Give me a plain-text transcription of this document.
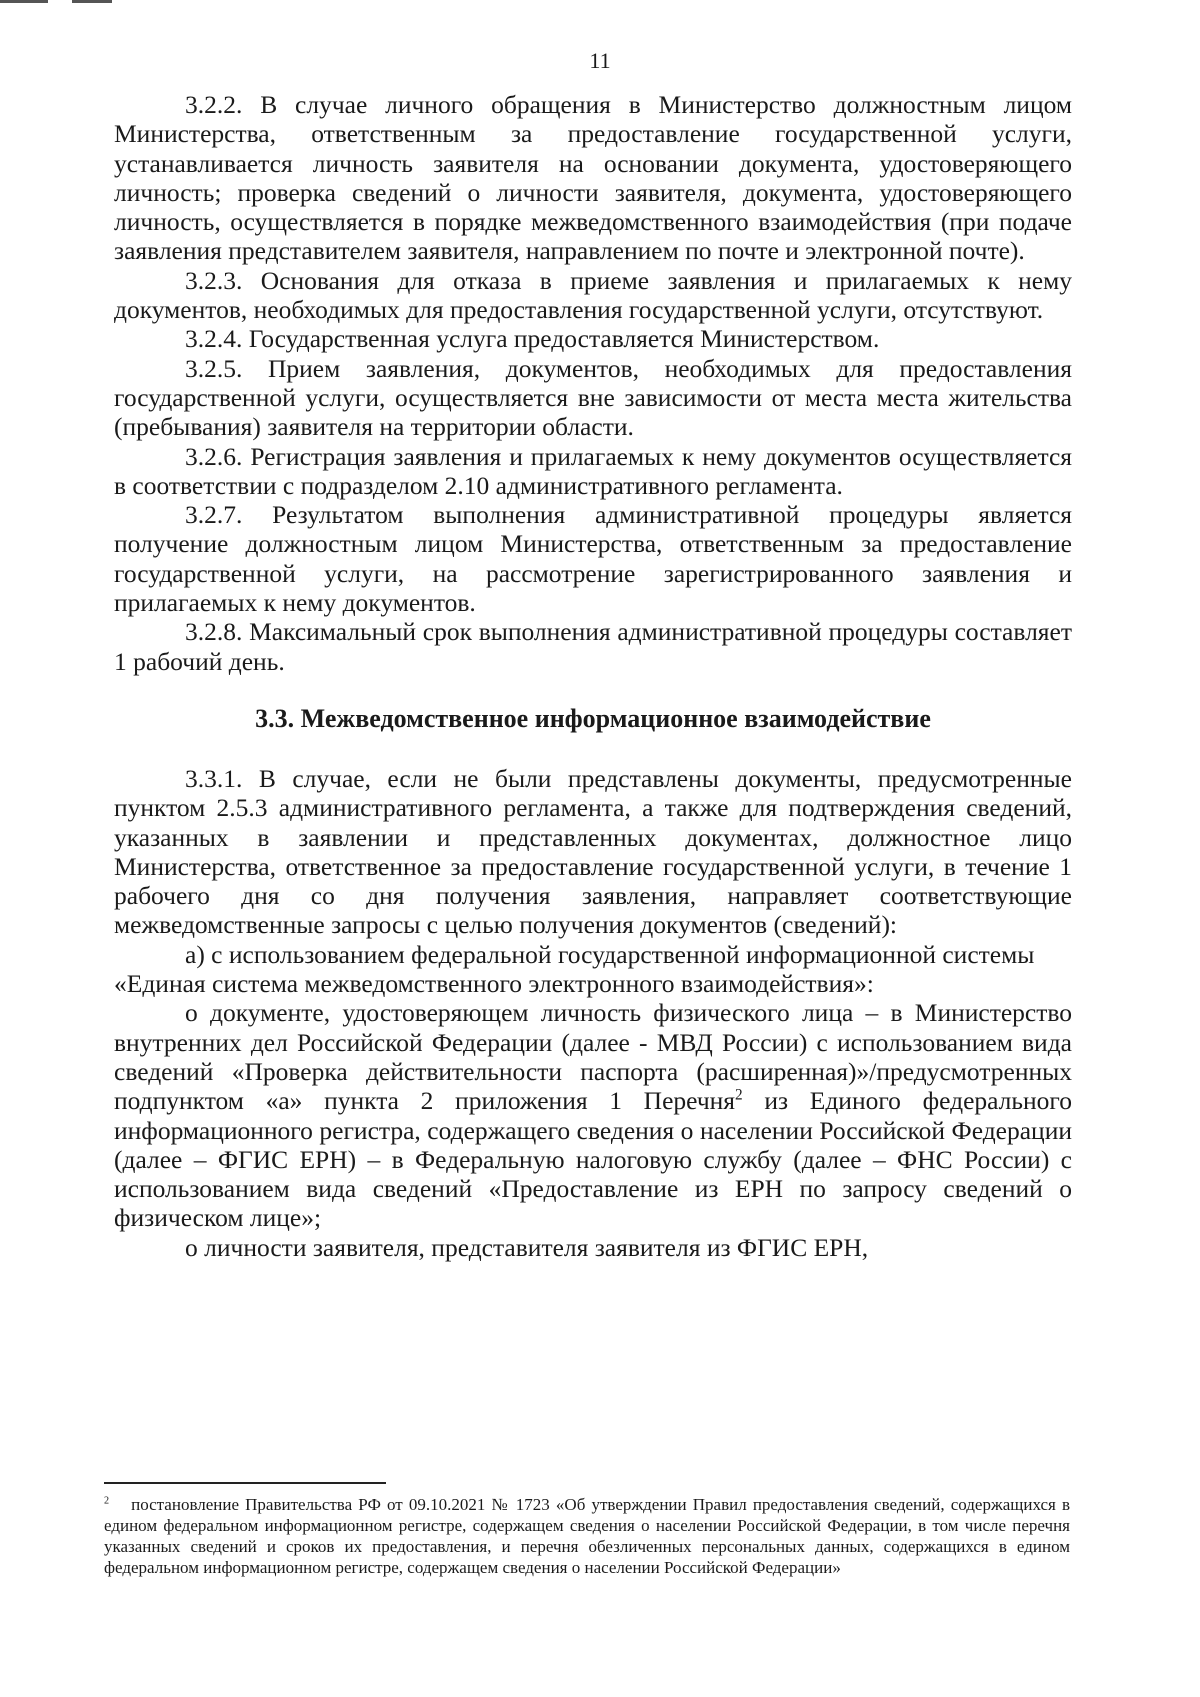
11

3.2.2. В случае личного обращения в Министерство должностным лицом Министерства, ответственным за предоставление государственной услуги, устанавливается личность заявителя на основании документа, удостоверяющего личность; проверка сведений о личности заявителя, документа, удостоверяющего личность, осуществляется в порядке межведомственного взаимодействия (при подаче заявления представителем заявителя, направлением по почте и электронной почте).

3.2.3. Основания для отказа в приеме заявления и прилагаемых к нему документов, необходимых для предоставления государственной услуги, отсутствуют.

3.2.4. Государственная услуга предоставляется Министерством.

3.2.5. Прием заявления, документов, необходимых для предоставления государственной услуги, осуществляется вне зависимости от места места жительства (пребывания) заявителя на территории области.

3.2.6. Регистрация заявления и прилагаемых к нему документов осуществляется в соответствии с подразделом 2.10 административного регламента.

3.2.7. Результатом выполнения административной процедуры является получение должностным лицом Министерства, ответственным за предоставление государственной услуги, на рассмотрение зарегистрированного заявления и прилагаемых к нему документов.

3.2.8. Максимальный срок выполнения административной процедуры составляет 1 рабочий день.

3.3. Межведомственное информационное взаимодействие

3.3.1. В случае, если не были представлены документы, предусмотренные пунктом 2.5.3 административного регламента, а также для подтверждения сведений, указанных в заявлении и представленных документах, должностное лицо Министерства, ответственное за предоставление государственной услуги, в течение 1 рабочего дня со дня получения заявления, направляет соответствующие межведомственные запросы с целью получения документов (сведений):

а) с использованием федеральной государственной информационной системы

«Единая система межведомственного электронного взаимодействия»:

о документе, удостоверяющем личность физического лица – в Министерство внутренних дел Российской Федерации (далее - МВД России) с использованием вида сведений «Проверка действительности паспорта (расширенная)»/предусмотренных подпунктом «а» пункта 2 приложения 1 Перечня$^2$ из Единого федерального информационного регистра, содержащего сведения о населении Российской Федерации (далее – ФГИС ЕРН) – в Федеральную налоговую службу (далее – ФНС России) с использованием вида сведений «Предоставление из ЕРН по запросу сведений о физическом лице»;

о личности заявителя, представителя заявителя из ФГИС ЕРН,

$^2$ постановление Правительства РФ от 09.10.2021 № 1723 «Об утверждении Правил предоставления сведений, содержащихся в едином федеральном информационном регистре, содержащем сведения о населении Российской Федерации, в том числе перечня указанных сведений и сроков их предоставления, и перечня обезличенных персональных данных, содержащихся в едином федеральном информационном регистре, содержащем сведения о населении Российской Федерации»
